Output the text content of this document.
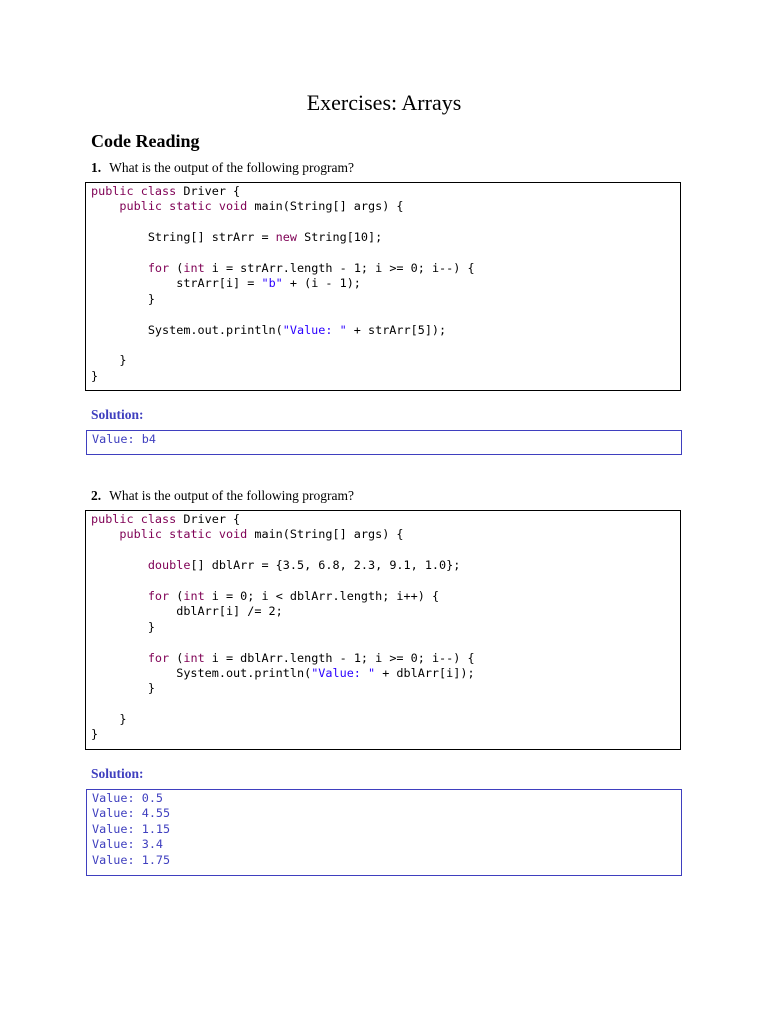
Exercises: Arrays
Code Reading
1. What is the output of the following program?
public class Driver {
public static void main(String[] args) {
String[] strArr = new String[10];
for (int i = strArr.length - 1; i >= 0; i--) {
strArr[i] = "b" + (i - 1);
}
System.out.println("Value: " + strArr[5]);
}
}
Solution:
Value: b4
2. What is the output of the following program?
public class Driver {
public static void main(String[] args) {
double[] dblArr = {3.5, 6.8, 2.3, 9.1, 1.0};
for (int i = 0; i < dblArr.length; i++) {
dblArr[i] /= 2;
}
for (int i = dblArr.length - 1; i >= 0; i--) {
System.out.println("Value: " + dblArr[i]);
}
}
}
Solution:
Value: 0.5
Value: 4.55
Value: 1.15
Value: 3.4
Value: 1.75
